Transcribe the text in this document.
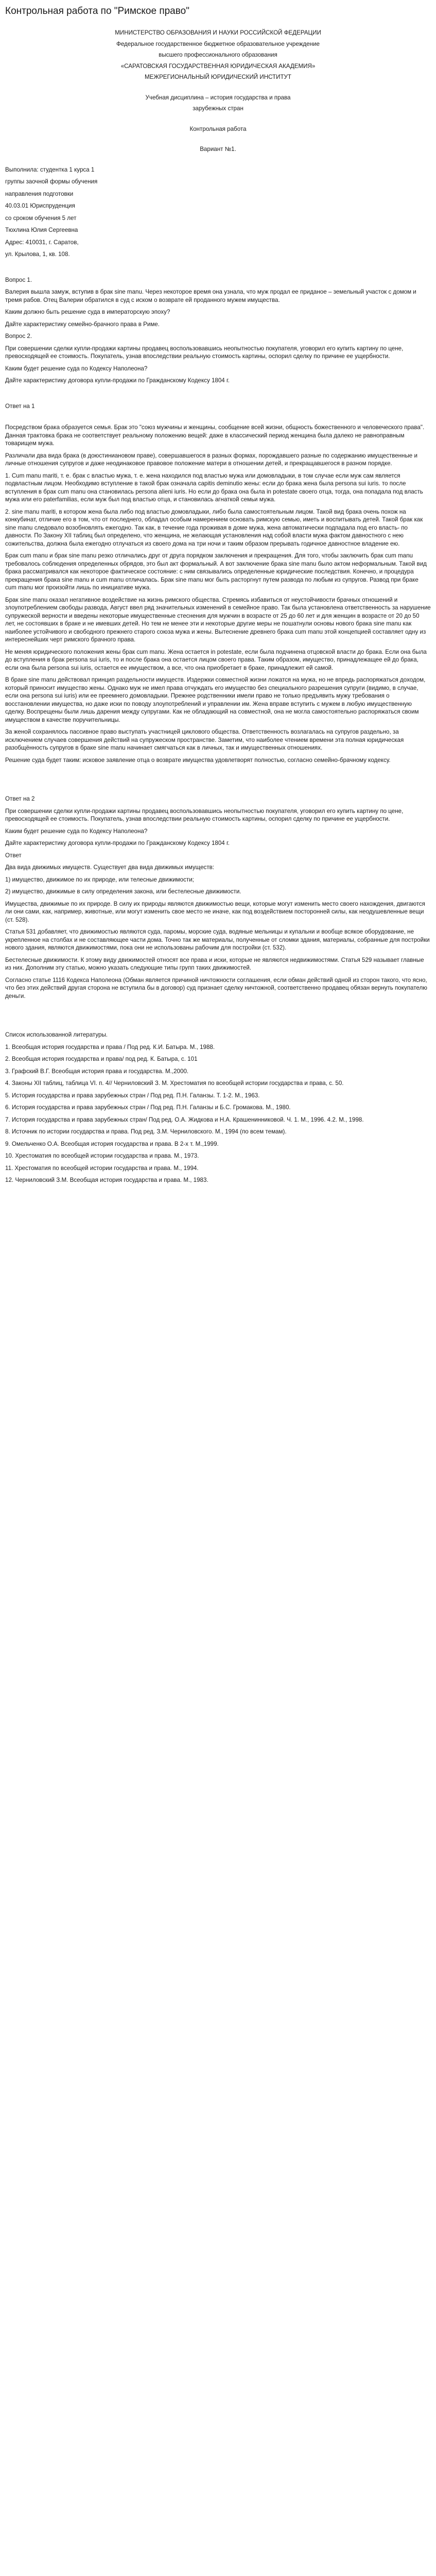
Контрольная работа по "Римское право"

МИНИСТЕРСТВО ОБРАЗОВАНИЯ И НАУКИ РОССИЙСКОЙ ФЕДЕРАЦИИ

Федеральное государственное бюджетное образовательное учреждение

высшего профессионального образования

«САРАТОВСКАЯ ГОСУДАРСТВЕННАЯ ЮРИДИЧЕСКАЯ АКАДЕМИЯ»

МЕЖРЕГИОНАЛЬНЫЙ ЮРИДИЧЕСКИЙ ИНСТИТУТ

Учебная дисциплина – история государства и права

зарубежных стран

Контрольная работа

Вариант №1.

Выполнила: студентка 1 курса 1

группы заочной формы обучения

направления подготовки

40.03.01 Юриспруденция

со сроком обучения 5 лет

Тюхлина Юлия Сергеевна

Адрес: 410031, г. Саратов,

ул. Крылова, 1, кв. 108.

Вопрос 1.

Валерия вышла замуж, вступив в брак sine manu. Через некоторое время она узнала, что муж продал ее приданое – земельный участок с домом и тремя рабов. Отец Валерии обратился в суд с иском о возврате ей проданного мужем имущества.

Каким должно быть решение суда в императорскую эпоху?

Дайте характеристику семейно-брачного права в Риме.

Вопрос 2.

При совершении сделки купли-продажи картины продавец воспользовавшись неопытностью покупателя, уговорил его купить картину по цене, превосходящей ее стоимость. Покупатель, узнав впоследствии реальную стоимость картины, оспорил сделку по причине ее ущербности.

Каким будет решение суда по Кодексу Наполеона?

Дайте характеристику договора купли-продажи по Гражданскому Кодексу 1804 г.

Ответ на 1

Посредством брака образуется семья. Брак это "союз мужчины и женщины, сообщение всей жизни, общность божественного и человеческого права". Данная трактовка брака не соответствует реальному положению вещей: даже в классический период женщина была далеко не равноправным товарищем мужа.

Различали два вида брака (в доюстиниановом праве), совершавшегося в разных формах, порождавшего разные по содержанию имущественные и личные отношения супругов и даже неодинаковое правовое положение матери в отношении детей, и прекращавшегося в разном порядке.

1. Cum manu mariti, т. е. брак с властью мужа, т. е. жена находился под властью мужа или домовладыки, в том случае если муж сам является подвластным лицом. Необходимо вступление в такой брак означала capitis deminutio жены: если до брака жена была persona sui iuris. то после вступления в брак cum manu она становилась persona alieni iuris. Но если до брака она была in potestate своего отца, тогда, она попадала под власть мужа или его paterfamilias, если муж был под властью отца, и становилась агнаткой семьи мужа.

2. sine manu mariti, в котором жена была либо под властью домовладыки, либо была самостоятельным лицом. Такой вид брака очень похож на конкубинат, отличие его в том, что от последнего, обладал особым намерением основать римскую семью, иметь и воспитывать детей. Такой брак как sine manu следовало возобновлять ежегодно. Так как, в течение года проживая в доме мужа, жена автоматически подпадала под его власть- по давности. По Закону XII таблиц был определено, что женщина, не желающая установления над собой власти мужа фактом давностного с нею сожительства, должна была ежегодно отлучаться из своего дома на три ночи и таким образом прерывать годичное давностное владение ею.

Брак cum manu и брак sine manu резко отличались друг от друга порядком заключения и прекращения. Для того, чтобы заключить брак cum manu требовалось соблюдения определенных обрядов, это был акт формальный. А вот заключение брака sine manu было актом неформальным. Такой вид брака рассматривался как некоторое фактическое состояние: с ним связывались определенные юридические последствия. Конечно, и процедура прекращения брака sine manu и cum manu отличалась. Брак sine manu мог быть расторгнут путем развода по любым из супругов. Развод при браке cum manu мог произойти лишь по инициативе мужа.

Брак sine manu оказал негативное воздействие на жизнь римского общества. Стремясь избавиться от неустойчивости брачных отношений и злоупотреблением свободы развода, Август ввел ряд значительных изменений в семейное право. Так была установлена ответственность за нарушение супружеской верности и введены некоторые имущественные стеснения для мужчин в возрасте от 25 до 60 лет и для женщин в возрасте от 20 до 50 лет, не состоявших в браке и не имевших детей. Но тем не менее эти и некоторые другие меры не пошатнули основы нового брака sine manu как наиболее устойчивого и свободного прежнего старого союза мужа и жены. Вытеснение древнего брака cum manu этой концепцией составляет одну из интереснейших черт римского брачного права.

Не меняя юридического положения жены брак cum manu. Жена остается in potestate, если была подчинена отцовской власти до брака. Если она была до вступления в брак persona sui iuris, то и после брака она остается лицом своего права. Таким образом, имущество, принадлежащее ей до брака, если она была persona sui iuris, остается ее имуществом, а все, что она приобретает в браке, принадлежит ей самой.

В браке sine manu действовал принцип раздельности имуществ. Издержки совместной жизни ложатся на мужа, но не впредь распоряжаться доходом, который приносит имущество жены. Однако муж не имел права отчуждать его имущество без специального разрешения супруги (видимо, в случае, если она persona sui iuris) или ее преемнего домовладыки. Прежнее родственники имели право не только предъявить мужу требования о восстановлении имущества, но даже иски по поводу злоупотреблений и управлении им. Жена вправе вступить с мужем в любую имущественную сделку. Воспрещены были лишь дарения между супругами. Как не обладающий на совместной, она не могла самостоятельно распоряжаться своим имуществом в качестве поручительницы.

За женой сохранялось пассивное право выступать участницей циклового общества. Ответственность возлагалась на супругов раздельно, за исключением случаев совершения действий на супружеском пространстве. Заметим, что наиболее чтением времени эта полная юридическая разобщённость супругов в браке sine manu начинает смягчаться как в личных, так и имущественных отношениях.

Решение суда будет таким: исковое заявление отца о возврате имущества удовлетворят полностью, согласно семейно-брачному кодексу.

Ответ на 2

При совершении сделки купли-продажи картины продавец воспользовавшись неопытностью покупателя, уговорил его купить картину по цене, превосходящей ее стоимость. Покупатель, узнав впоследствии реальную стоимость картины, оспорил сделку по причине ее ущербности.

Каким будет решение суда по Кодексу Наполеона?

Дайте характеристику договора купли-продажи по Гражданскому Кодексу 1804 г.

Ответ

Два вида движимых имуществ. Существует два вида движимых имуществ:

1) имущество, движимое по их природе, или телесные движимости;

2) имущество, движимые в силу определения закона, или бестелесные движимости.

Имущества, движимые по их природе. В силу их природы являются движимостью вещи, которые могут изменить место своего нахождения, двигаются ли они сами, как, например, животные, или могут изменить свое место не иначе, как под воздействием посторонней силы, как неодушевленные вещи (ст. 528).

Статья 531 добавляет, что движимостью являются суда, паромы, морские суда, водяные мельницы и купальни и вообще всякое оборудование, не укрепленное на столбах и не составляющее части дома. Точно так же материалы, полученные от сломки здания, материалы, собранные для постройки нового здания, являются движимостями, пока они не использованы рабочим для постройки (ст. 532).

Бестелесные движимости. К этому виду движимостей относят все права и иски, которые не являются недвижимостями. Статья 529 называет главные из них. Дополним эту статью, можно указать следующие типы групп таких движимостей.

Согласно статье 1116 Кодекса Наполеона (Обман является причиной ничтожности соглашения, если обман действий одной из сторон такого, что ясно, что без этих действий другая сторона не вступила бы в договор) суд признает сделку ничтожной, соответственно продавец обязан вернуть покупателю деньги.

Список использованной литературы.

1. Всеобщая история государства и права / Под ред. К.И. Батыра. М., 1988.

2. Всеобщая история государства и права/ под ред. К. Батыра, с. 101

3. Графский В.Г. Всеобщая история права и государства. М.,2000.

4. Законы XII таблиц, таблица VI. п. 4// Черниловский З. М. Хрестоматия по всеобщей истории государства и права, с. 50.

5. История государства и права зарубежных стран / Под ред. П.Н. Галанзы. Т. 1-2. М., 1963.

6. История государства и права зарубежных стран / Под ред. П.Н. Галанзы и Б.С. Громакова. М., 1980.

7. История государства и права зарубежных стран/ Под ред. О.А. Жидкова и Н.А. Крашенинниковой. Ч. 1. М., 1996. 4.2. М., 1998.

8. Источник по истории государства и права. Под ред. З.М. Черниловского. М., 1994 (по всем темам).

9. Омельченко О.А. Всеобщая история государства и права. В 2-х т. М.,1999.

10. Хрестоматия по всеобщей истории государства и права. М., 1973.

11. Хрестоматия по всеобщей истории государства и права. М., 1994.

12. Черниловский З.М. Всеобщая история государства и права. М., 1983.
